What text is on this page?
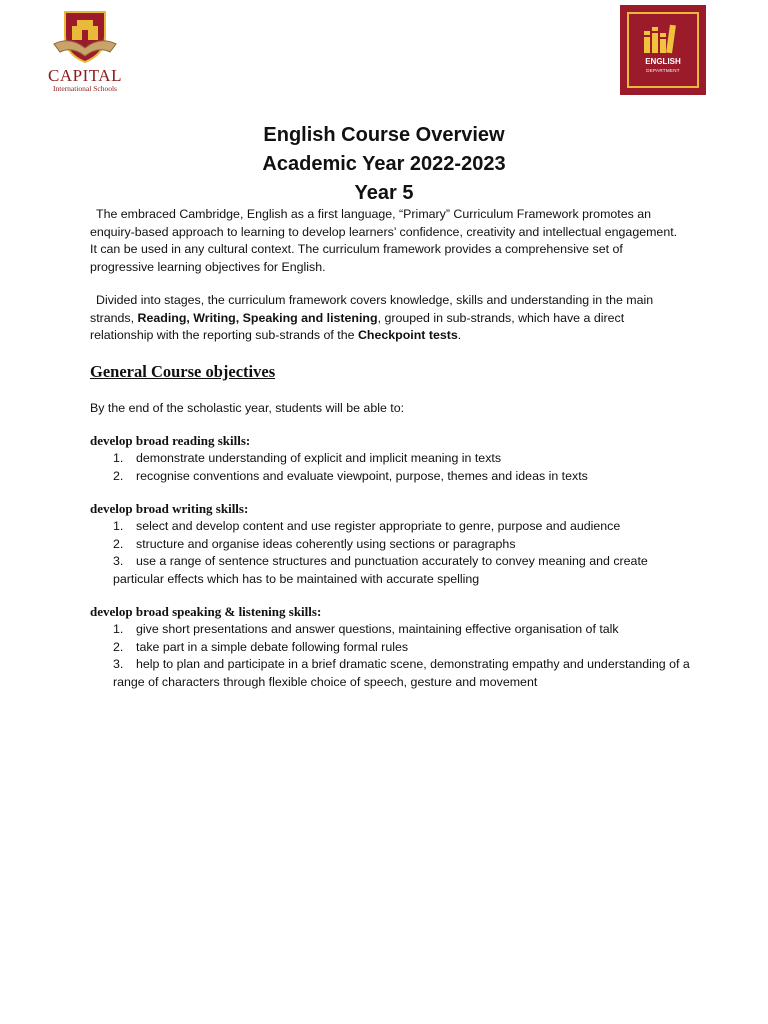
CAPITAL
International Schools
ENGLISH
DEPARTMENT
English Course Overview
Academic Year 2022-2023
Year 5
The embraced Cambridge, English as a first language, “Primary” Curriculum Framework promotes an enquiry-based approach to learning to develop learners’ confidence, creativity and intellectual engagement. It can be used in any cultural context. The curriculum framework provides a comprehensive set of progressive learning objectives for English.
Divided into stages, the curriculum framework covers knowledge, skills and understanding in the main strands, Reading, Writing, Speaking and listening, grouped in sub-strands, which have a direct relationship with the reporting sub-strands of the Checkpoint tests.
General Course objectives
By the end of the scholastic year, students will be able to:
develop broad reading skills:
1. demonstrate understanding of explicit and implicit meaning in texts
2. recognise conventions and evaluate viewpoint, purpose, themes and ideas in texts
develop broad writing skills:
1. select and develop content and use register appropriate to genre, purpose and audience
2. structure and organise ideas coherently using sections or paragraphs
3. use a range of sentence structures and punctuation accurately to convey meaning and create particular effects which has to be maintained with accurate spelling
develop broad speaking & listening skills:
1. give short presentations and answer questions, maintaining effective organisation of talk
2. take part in a simple debate following formal rules
3. help to plan and participate in a brief dramatic scene, demonstrating empathy and understanding of a range of characters through flexible choice of speech, gesture and movement
